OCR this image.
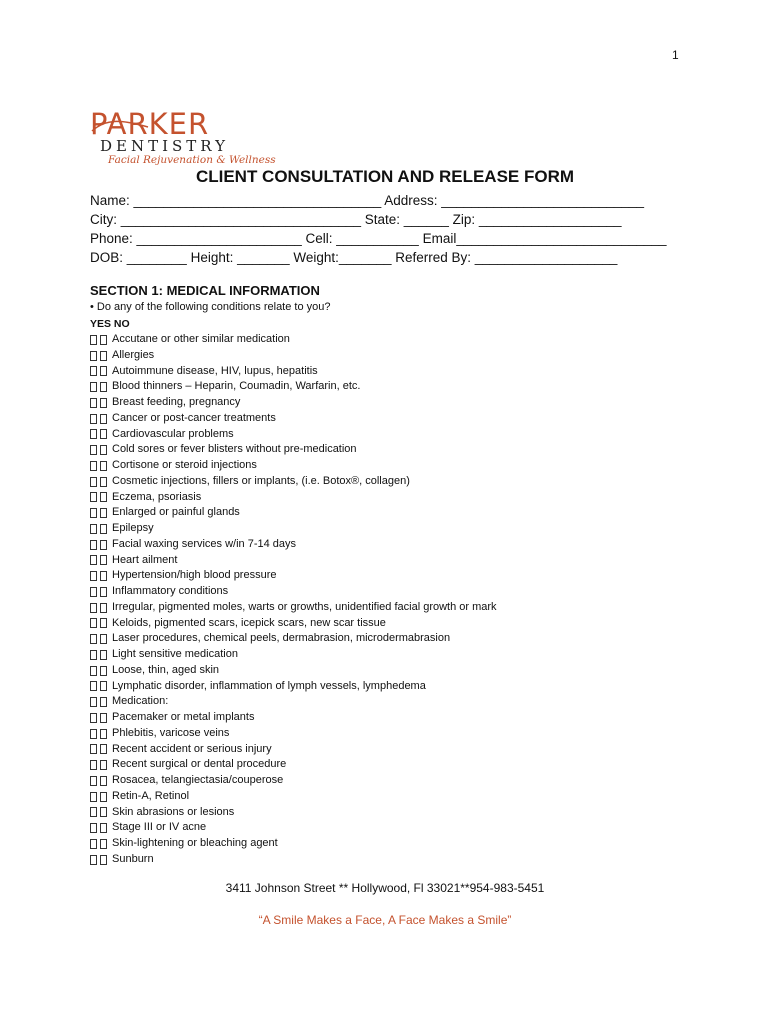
1
PARKER
DENTISTRY
Facial Rejuvenation & Wellness
CLIENT CONSULTATION AND RELEASE FORM
Name: _________________________________ Address: ___________________________
City: ________________________________ State: ______ Zip: ___________________
Phone: ______________________ Cell: ___________ Email____________________________
DOB: ________ Height: _______ Weight:_______ Referred By: ___________________
SECTION 1: MEDICAL INFORMATION
• Do any of the following conditions relate to you?
YES NO
Accutane or other similar medication
Allergies
Autoimmune disease, HIV, lupus, hepatitis
Blood thinners – Heparin, Coumadin, Warfarin, etc.
Breast feeding, pregnancy
Cancer or post-cancer treatments
Cardiovascular problems
Cold sores or fever blisters without pre-medication
Cortisone or steroid injections
Cosmetic injections, fillers or implants, (i.e. Botox®, collagen)
Eczema, psoriasis
Enlarged or painful glands
Epilepsy
Facial waxing services w/in 7-14 days
Heart ailment
Hypertension/high blood pressure
Inflammatory conditions
Irregular, pigmented moles, warts or growths, unidentified facial growth or mark
Keloids, pigmented scars, icepick scars, new scar tissue
Laser procedures, chemical peels, dermabrasion, microdermabrasion
Light sensitive medication
Loose, thin, aged skin
Lymphatic disorder, inflammation of lymph vessels, lymphedema
Medication:
Pacemaker or metal implants
Phlebitis, varicose veins
Recent accident or serious injury
Recent surgical or dental procedure
Rosacea, telangiectasia/couperose
Retin-A, Retinol
Skin abrasions or lesions
Stage III or IV acne
Skin-lightening or bleaching agent
Sunburn
3411 Johnson Street ** Hollywood, Fl 33021**954-983-5451
“A Smile Makes a Face, A Face Makes a Smile”
